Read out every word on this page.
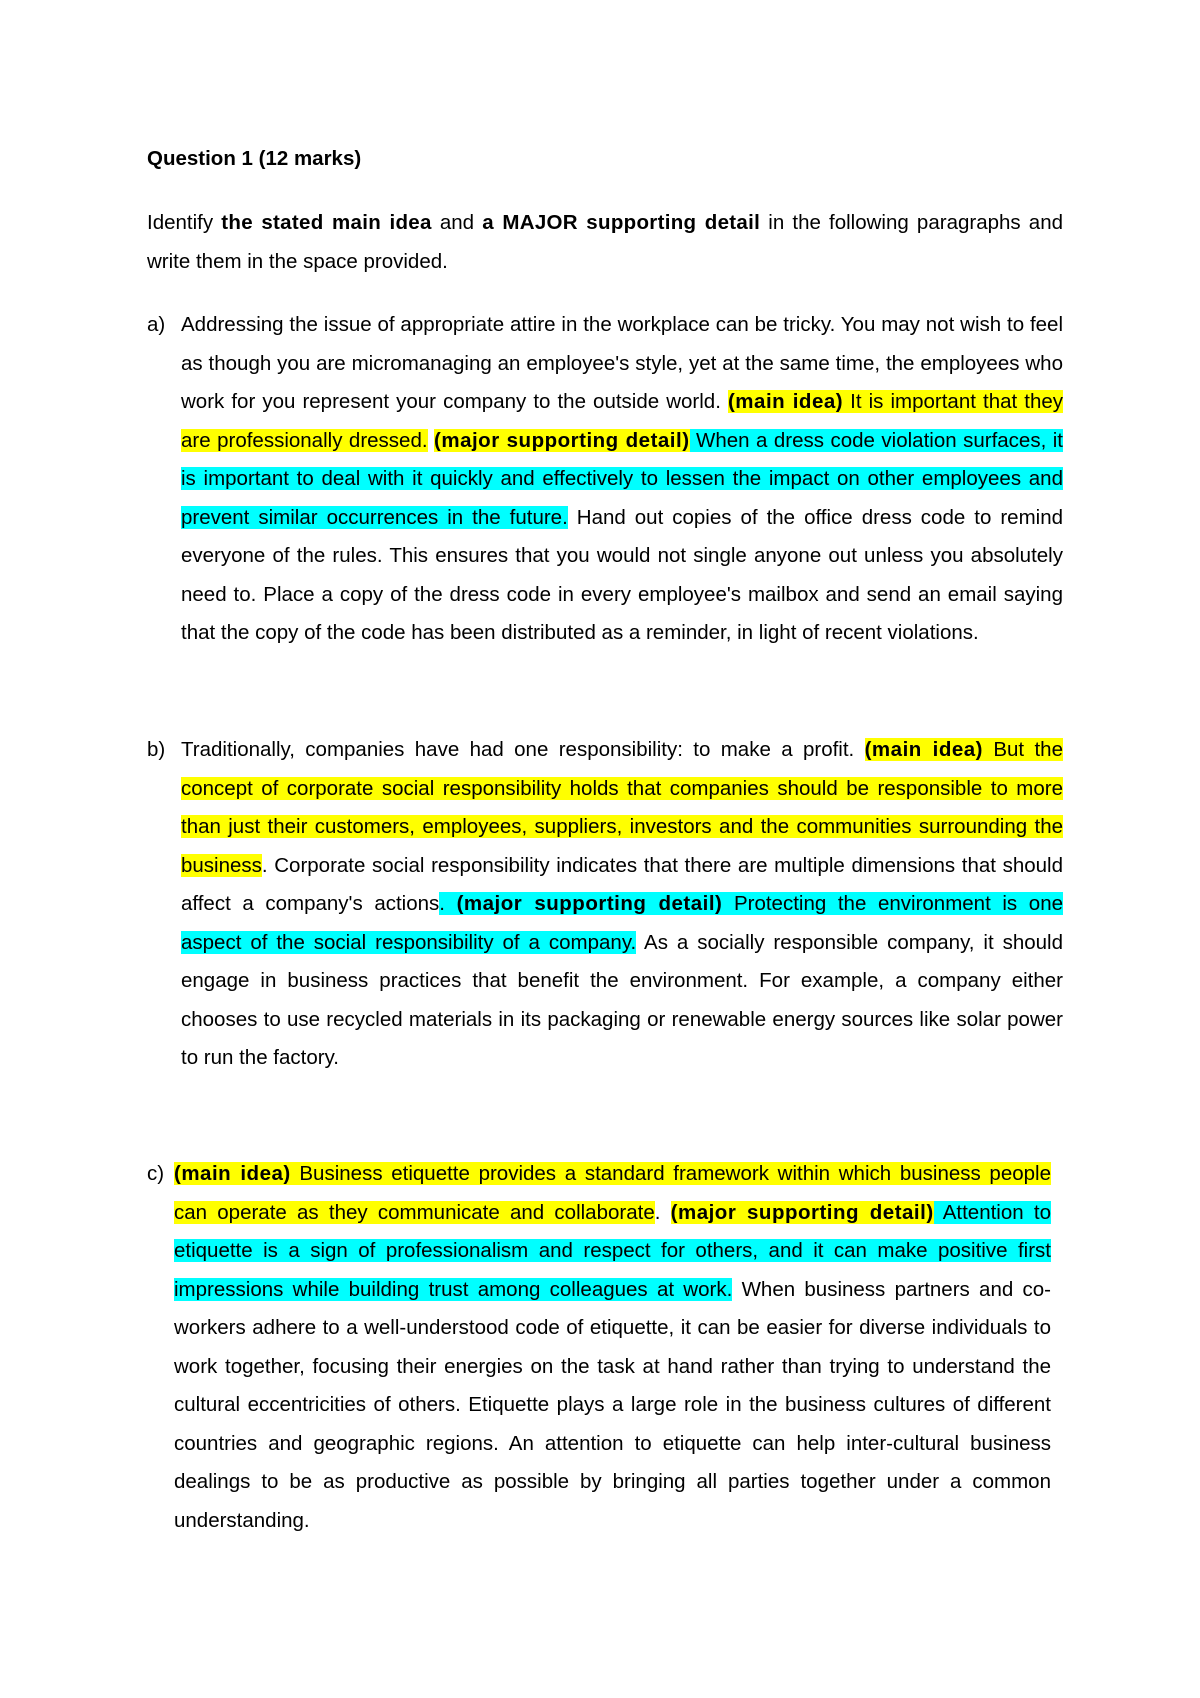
Question 1 (12 marks)

Identify the stated main idea and a MAJOR supporting detail in the following paragraphs and write them in the space provided.

a) Addressing the issue of appropriate attire in the workplace can be tricky. You may not wish to feel as though you are micromanaging an employee's style, yet at the same time, the employees who work for you represent your company to the outside world. (main idea) It is important that they are professionally dressed. (major supporting detail) When a dress code violation surfaces, it is important to deal with it quickly and effectively to lessen the impact on other employees and prevent similar occurrences in the future. Hand out copies of the office dress code to remind everyone of the rules. This ensures that you would not single anyone out unless you absolutely need to. Place a copy of the dress code in every employee's mailbox and send an email saying that the copy of the code has been distributed as a reminder, in light of recent violations.

b) Traditionally, companies have had one responsibility: to make a profit. (main idea) But the concept of corporate social responsibility holds that companies should be responsible to more than just their customers, employees, suppliers, investors and the communities surrounding the business. Corporate social responsibility indicates that there are multiple dimensions that should affect a company's actions. (major supporting detail) Protecting the environment is one aspect of the social responsibility of a company. As a socially responsible company, it should engage in business practices that benefit the environment. For example, a company either chooses to use recycled materials in its packaging or renewable energy sources like solar power to run the factory.

c) (main idea) Business etiquette provides a standard framework within which business people can operate as they communicate and collaborate. (major supporting detail) Attention to etiquette is a sign of professionalism and respect for others, and it can make positive first impressions while building trust among colleagues at work. When business partners and co-workers adhere to a well-understood code of etiquette, it can be easier for diverse individuals to work together, focusing their energies on the task at hand rather than trying to understand the cultural eccentricities of others. Etiquette plays a large role in the business cultures of different countries and geographic regions. An attention to etiquette can help inter-cultural business dealings to be as productive as possible by bringing all parties together under a common understanding.
